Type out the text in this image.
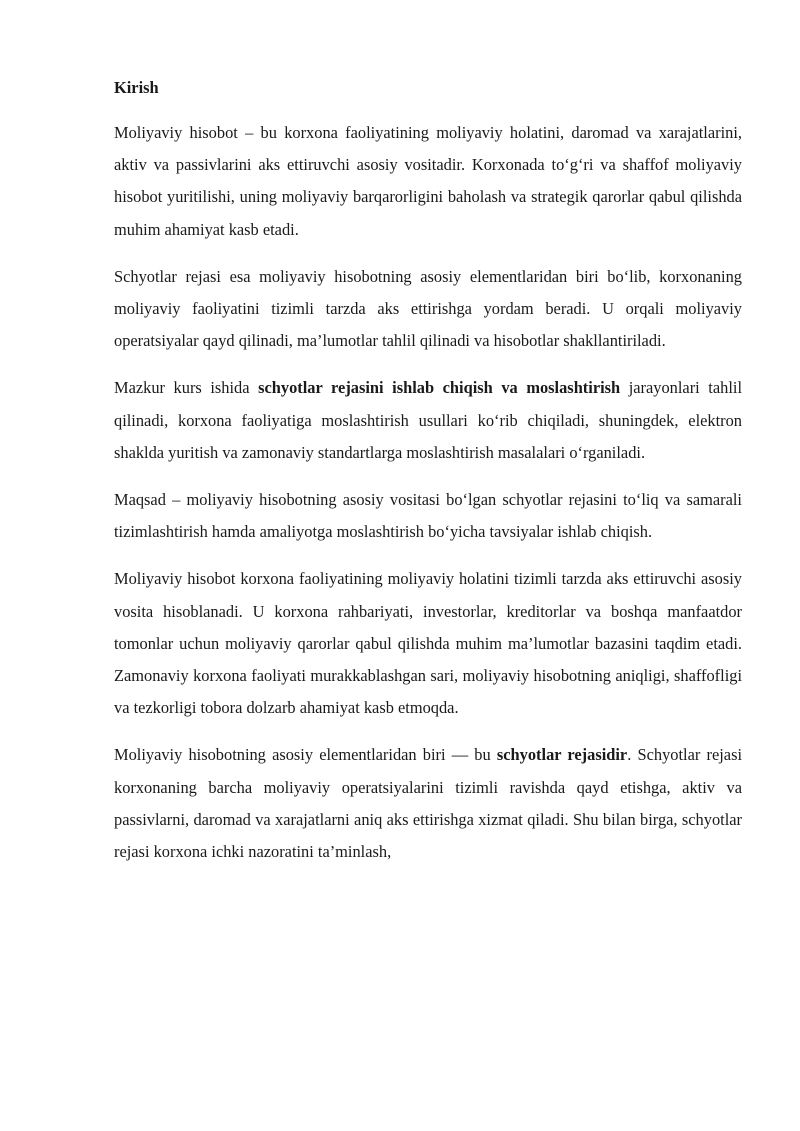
Kirish

Moliyaviy hisobot – bu korxona faoliyatining moliyaviy holatini, daromad va xarajatlarini, aktiv va passivlarini aks ettiruvchi asosiy vositadir. Korxonada to‘g‘ri va shaffof moliyaviy hisobot yuritilishi, uning moliyaviy barqarorligini baholash va strategik qarorlar qabul qilishda muhim ahamiyat kasb etadi.

Schyotlar rejasi esa moliyaviy hisobotning asosiy elementlaridan biri bo‘lib, korxonaning moliyaviy faoliyatini tizimli tarzda aks ettirishga yordam beradi. U orqali moliyaviy operatsiyalar qayd qilinadi, ma’lumotlar tahlil qilinadi va hisobotlar shakllantiriladi.

Mazkur kurs ishida schyotlar rejasini ishlab chiqish va moslashtirish jarayonlari tahlil qilinadi, korxona faoliyatiga moslashtirish usullari ko‘rib chiqiladi, shuningdek, elektron shaklda yuritish va zamonaviy standartlarga moslashtirish masalalari o‘rganiladi.

Maqsad – moliyaviy hisobotning asosiy vositasi bo‘lgan schyotlar rejasini to‘liq va samarali tizimlashtirish hamda amaliyotga moslashtirish bo‘yicha tavsiyalar ishlab chiqish.

Moliyaviy hisobot korxona faoliyatining moliyaviy holatini tizimli tarzda aks ettiruvchi asosiy vosita hisoblanadi. U korxona rahbariyati, investorlar, kreditorlar va boshqa manfaatdor tomonlar uchun moliyaviy qarorlar qabul qilishda muhim ma’lumotlar bazasini taqdim etadi. Zamonaviy korxona faoliyati murakkablashgan sari, moliyaviy hisobotning aniqligi, shaffofligi va tezkorligi tobora dolzarb ahamiyat kasb etmoqda.

Moliyaviy hisobotning asosiy elementlaridan biri — bu schyotlar rejasidir. Schyotlar rejasi korxonaning barcha moliyaviy operatsiyalarini tizimli ravishda qayd etishga, aktiv va passivlarni, daromad va xarajatlarni aniq aks ettirishga xizmat qiladi. Shu bilan birga, schyotlar rejasi korxona ichki nazoratini ta’minlash,
